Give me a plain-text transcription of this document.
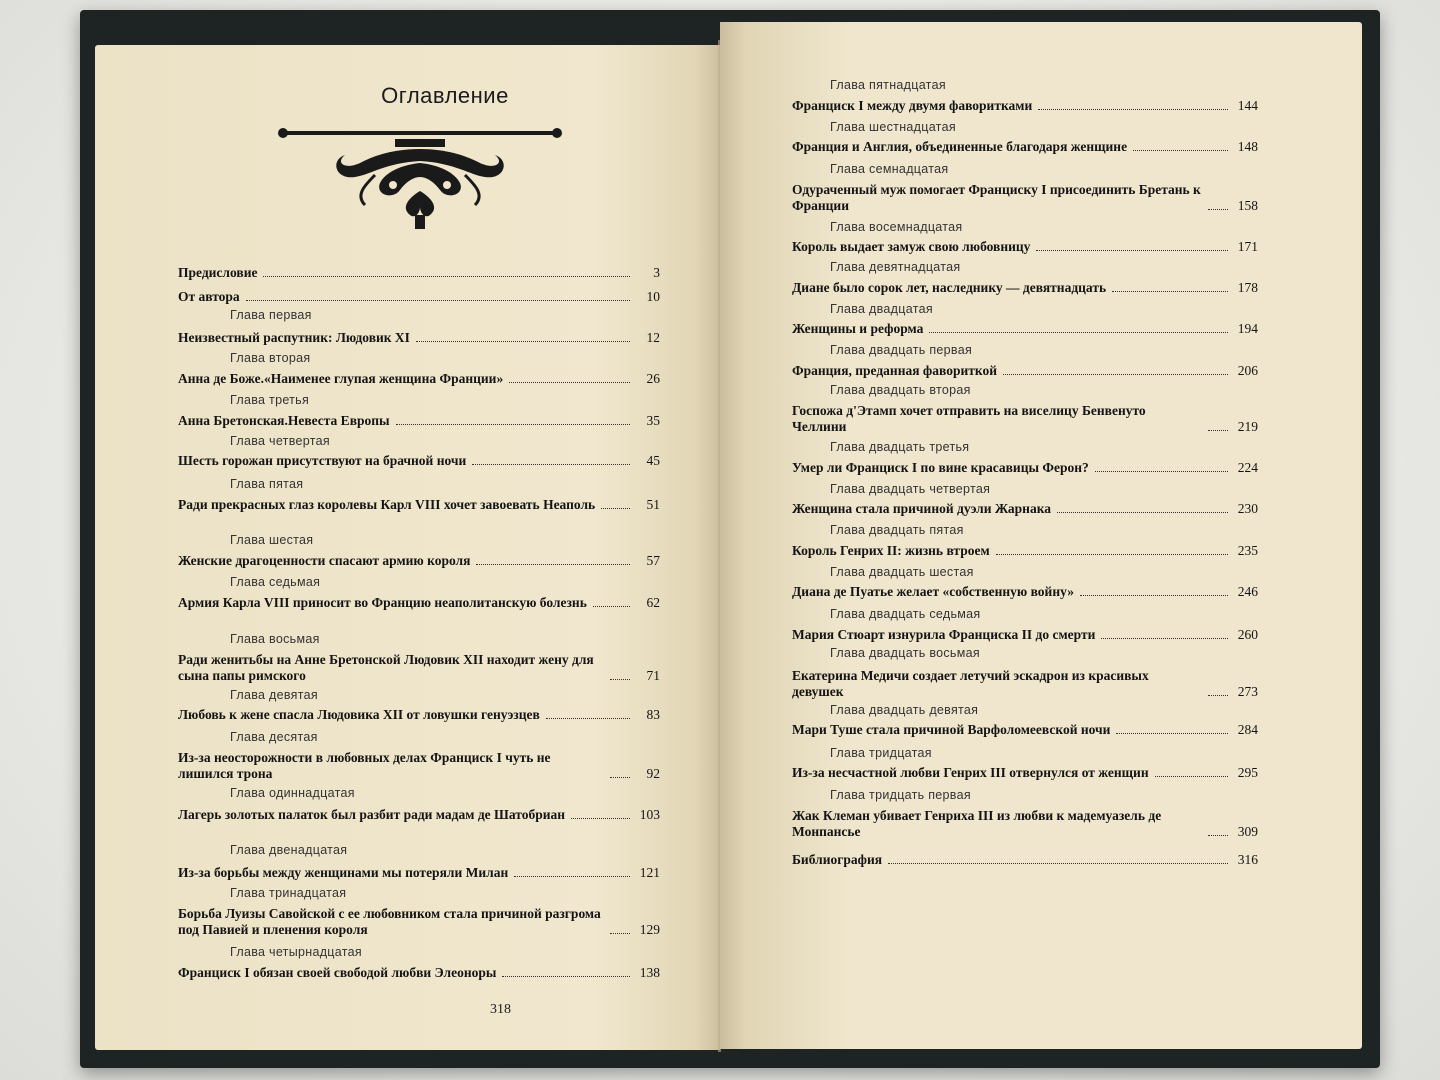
Оглавление
318
Предисловие	3
От автора	10
Глава первая
Неизвестный распутник: Людовик XI	12
Глава вторая
Анна де Боже.«Наименее глупая женщина Франции»	26
Глава третья
Анна Бретонская.Невеста Европы	35
Глава четвертая
Шесть горожан присутствуют на брачной ночи	45
Глава пятая
Ради прекрасных глаз королевы Карл VIII хочет завоевать Неаполь	51
Глава шестая
Женские драгоценности спасают армию короля	57
Глава седьмая
Армия Карла VIII приносит во Францию неаполитанскую болезнь	62
Глава восьмая
Ради женитьбы на Анне Бретонской Людовик XII находит жену для сына папы римского	71
Глава девятая
Любовь к жене спасла Людовика XII от ловушки генуэзцев	83
Глава десятая
Из-за неосторожности в любовных делах Франциск I чуть не лишился трона	92
Глава одиннадцатая
Лагерь золотых палаток был разбит ради мадам де Шатобриан	103
Глава двенадцатая
Из-за борьбы между женщинами мы потеряли Милан	121
Глава тринадцатая
Борьба Луизы Савойской с ее любовником стала причиной разгрома под Павией и пленения короля	129
Глава четырнадцатая
Франциск I обязан своей свободой любви Элеоноры	138
Глава пятнадцатая
Франциск I между двумя фаворитками	144
Глава шестнадцатая
Франция и Англия, объединенные благодаря женщине	148
Глава семнадцатая
Одураченный муж помогает Франциску I присоединить Бретань к Франции	158
Глава восемнадцатая
Король выдает замуж свою любовницу	171
Глава девятнадцатая
Диане было сорок лет, наследнику — девятнадцать	178
Глава двадцатая
Женщины и реформа	194
Глава двадцать первая
Франция, преданная фавориткой	206
Глава двадцать вторая
Госпожа д'Этамп хочет отправить на виселицу Бенвенуто Челлини	219
Глава двадцать третья
Умер ли Франциск I по вине красавицы Ферон?	224
Глава двадцать четвертая
Женщина стала причиной дуэли Жарнака	230
Глава двадцать пятая
Король Генрих II: жизнь втроем	235
Глава двадцать шестая
Диана де Пуатье желает «собственную войну»	246
Глава двадцать седьмая
Мария Стюарт изнурила Франциска II до смерти	260
Глава двадцать восьмая
Екатерина Медичи создает летучий эскадрон из красивых девушек	273
Глава двадцать девятая
Мари Туше стала причиной Варфоломеевской ночи	284
Глава тридцатая
Из-за несчастной любви Генрих III отвернулся от женщин	295
Глава тридцать первая
Жак Клеман убивает Генриха III из любви к мадемуазель де Монпансье	309
Библиография	316
